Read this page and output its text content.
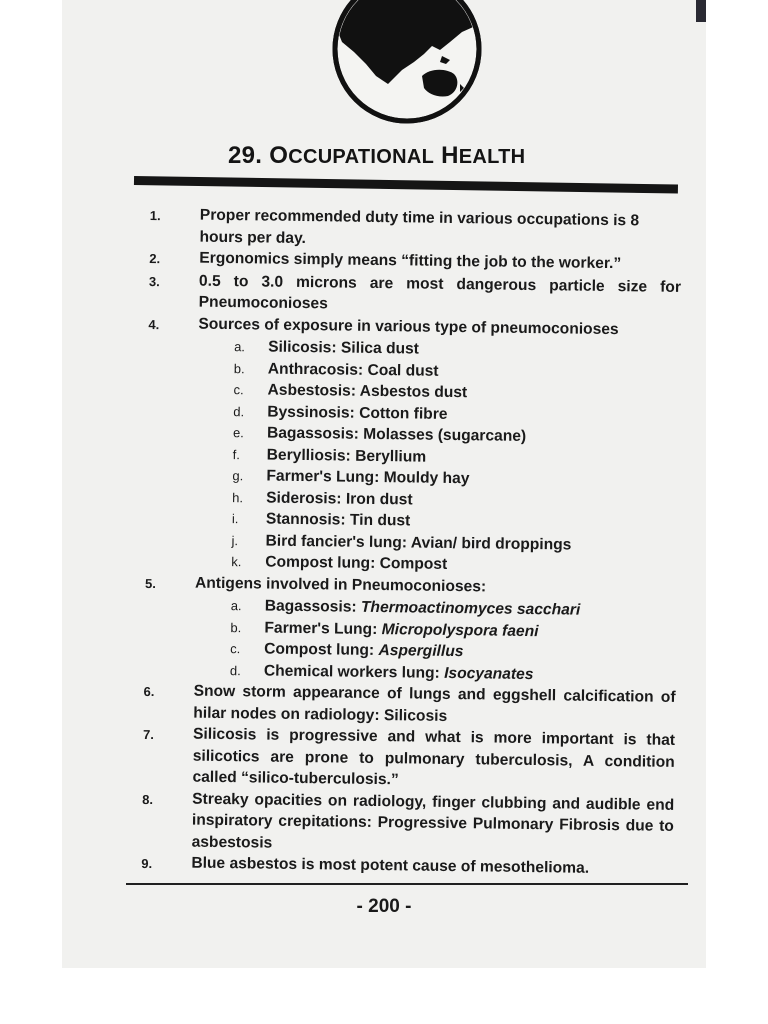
29. OCCUPATIONAL HEALTH
1.	Proper recommended duty time in various occupations is 8 hours per day.
2.	Ergonomics simply means “fitting the job to the worker.”
3.	0.5 to 3.0 microns are most dangerous particle size for Pneumoconioses
4.	Sources of exposure in various type of pneumoconioses
a.	Silicosis: Silica dust
b.	Anthracosis: Coal dust
c.	Asbestosis: Asbestos dust
d.	Byssinosis: Cotton fibre
e.	Bagassosis: Molasses (sugarcane)
f.	Berylliosis: Beryllium
g.	Farmer's Lung: Mouldy hay
h.	Siderosis: Iron dust
i.	Stannosis: Tin dust
j.	Bird fancier's lung: Avian/ bird droppings
k.	Compost lung: Compost
5.	Antigens involved in Pneumoconioses:
a.	Bagassosis: Thermoactinomyces sacchari
b.	Farmer's Lung: Micropolyspora faeni
c.	Compost lung: Aspergillus
d.	Chemical workers lung: Isocyanates
6.	Snow storm appearance of lungs and eggshell calcification of hilar nodes on radiology: Silicosis
7.	Silicosis is progressive and what is more important is that silicotics are prone to pulmonary tuberculosis, A condition called “silico-tuberculosis.”
8.	Streaky opacities on radiology, finger clubbing and audible end inspiratory crepitations: Progressive Pulmonary Fibrosis due to asbestosis
9.	Blue asbestos is most potent cause of mesothelioma.
- 200 -
